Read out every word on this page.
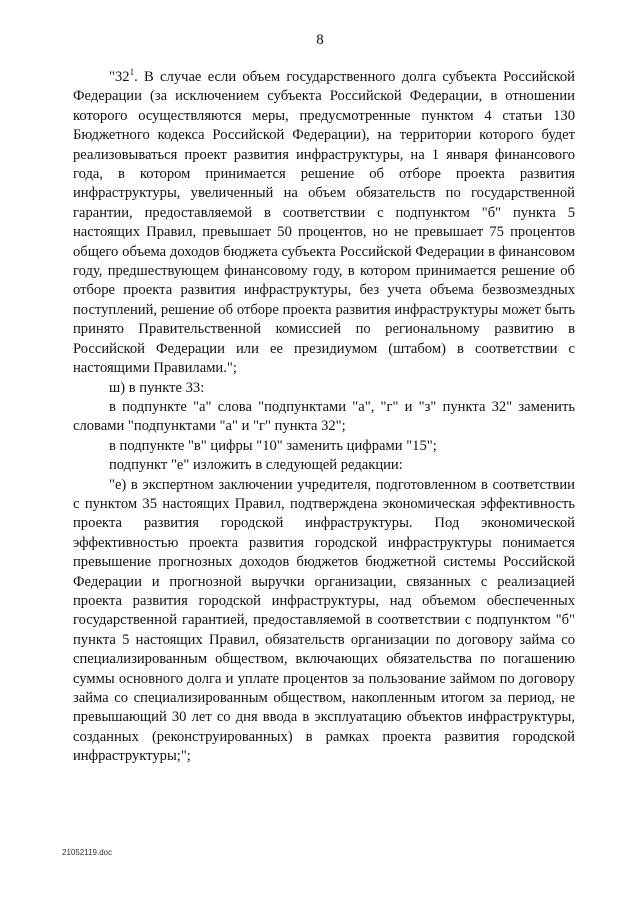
8

"$32^1$. В случае если объем государственного долга субъекта Российской Федерации (за исключением субъекта Российской Федерации, в отношении которого осуществляются меры, предусмотренные пунктом 4 статьи 130 Бюджетного кодекса Российской Федерации), на территории которого будет реализовываться проект развития инфраструктуры, на 1 января финансового года, в котором принимается решение об отборе проекта развития инфраструктуры, увеличенный на объем обязательств по государственной гарантии, предоставляемой в соответствии с подпунктом "б" пункта 5 настоящих Правил, превышает 50 процентов, но не превышает 75 процентов общего объема доходов бюджета субъекта Российской Федерации в финансовом году, предшествующем финансовому году, в котором принимается решение об отборе проекта развития инфраструктуры, без учета объема безвозмездных поступлений, решение об отборе проекта развития инфраструктуры может быть принято Правительственной комиссией по региональному развитию в Российской Федерации или ее президиумом (штабом) в соответствии с настоящими Правилами.";

ш) в пункте 33:

в подпункте "а" слова "подпунктами "а", "г" и "з" пункта 32" заменить словами "подпунктами "а" и "г" пункта 32";

в подпункте "в" цифры "10" заменить цифрами "15";

подпункт "е" изложить в следующей редакции:

"е) в экспертном заключении учредителя, подготовленном в соответствии с пунктом 35 настоящих Правил, подтверждена экономическая эффективность проекта развития городской инфраструктуры. Под экономической эффективностью проекта развития городской инфраструктуры понимается превышение прогнозных доходов бюджетов бюджетной системы Российской Федерации и прогнозной выручки организации, связанных с реализацией проекта развития городской инфраструктуры, над объемом обеспеченных государственной гарантией, предоставляемой в соответствии с подпунктом "б" пункта 5 настоящих Правил, обязательств организации по договору займа со специализированным обществом, включающих обязательства по погашению суммы основного долга и уплате процентов за пользование займом по договору займа со специализированным обществом, накопленным итогом за период, не превышающий 30 лет со дня ввода в эксплуатацию объектов инфраструктуры, созданных (реконструированных) в рамках проекта развития городской инфраструктуры;";

21052119.doc
